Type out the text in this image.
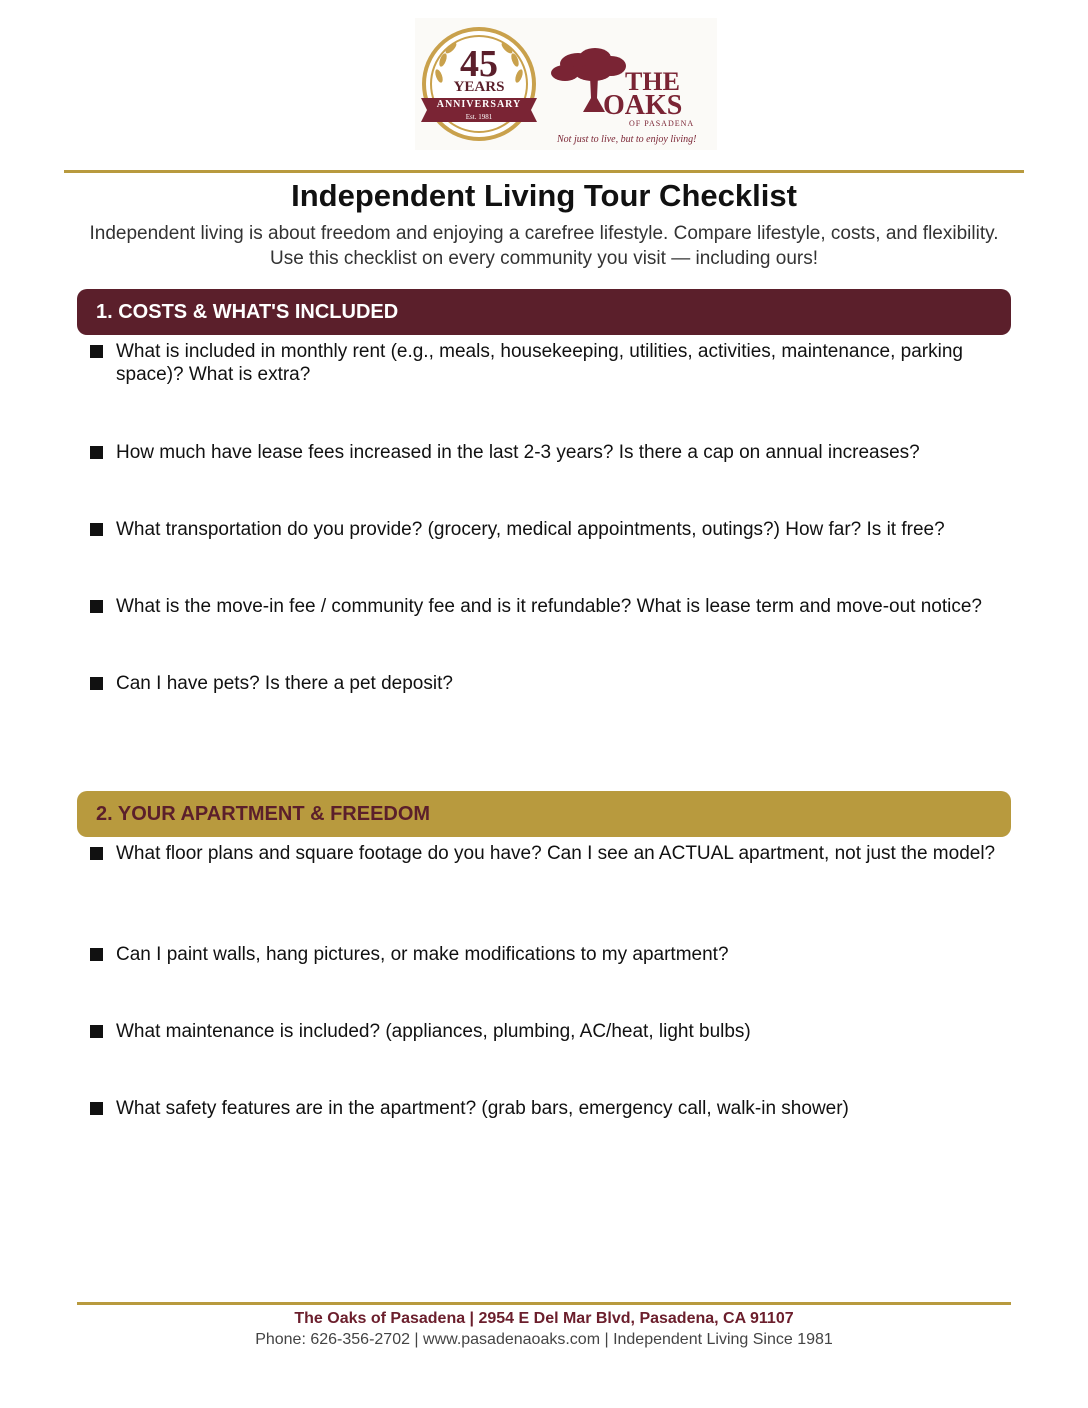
45
YEARS
ANNIVERSARY
Est. 1981
THE
OAKS
OF PASADENA
Not just to live, but to enjoy living!
Independent Living Tour Checklist
Independent living is about freedom and enjoying a carefree lifestyle. Compare lifestyle, costs, and flexibility.
Use this checklist on every community you visit — including ours!
1. COSTS & WHAT'S INCLUDED
What is included in monthly rent (e.g., meals, housekeeping, utilities, activities, maintenance, parking space)? What is extra?
How much have lease fees increased in the last 2-3 years? Is there a cap on annual increases?
What transportation do you provide? (grocery, medical appointments, outings?) How far? Is it free?
What is the move-in fee / community fee and is it refundable? What is lease term and move-out notice?
Can I have pets? Is there a pet deposit?
2. YOUR APARTMENT & FREEDOM
What floor plans and square footage do you have? Can I see an ACTUAL apartment, not just the model?
Can I paint walls, hang pictures, or make modifications to my apartment?
What maintenance is included? (appliances, plumbing, AC/heat, light bulbs)
What safety features are in the apartment? (grab bars, emergency call, walk-in shower)
The Oaks of Pasadena | 2954 E Del Mar Blvd, Pasadena, CA 91107
Phone: 626-356-2702 | www.pasadenaoaks.com | Independent Living Since 1981
